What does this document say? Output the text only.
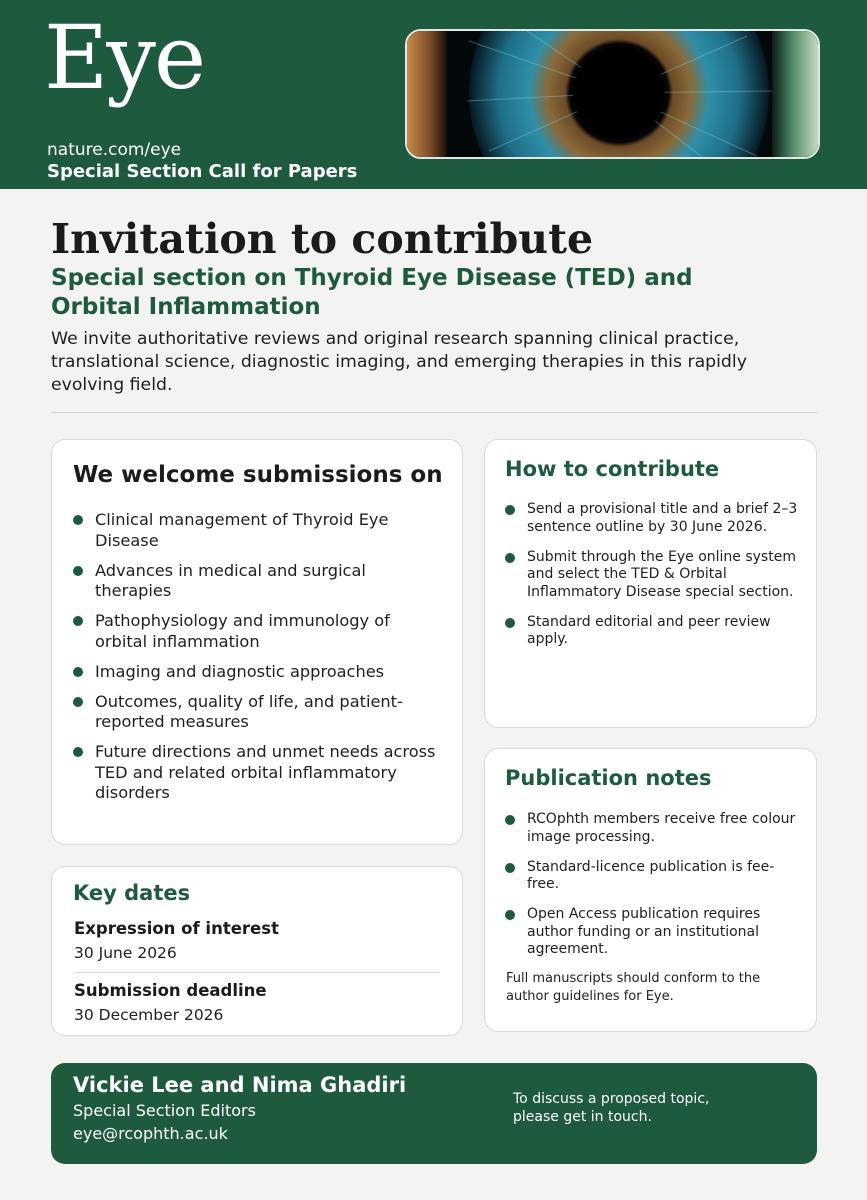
Eye
nature.com/eye
Special Section Call for Papers
Invitation to contribute
Special section on Thyroid Eye Disease (TED) and Orbital Inflammation
We invite authoritative reviews and original research spanning clinical practice, translational science, diagnostic imaging, and emerging therapies in this rapidly evolving field.
We welcome submissions on
Clinical management of Thyroid Eye Disease
Advances in medical and surgical therapies
Pathophysiology and immunology of orbital inflammation
Imaging and diagnostic approaches
Outcomes, quality of life, and patient-reported measures
Future directions and unmet needs across TED and related orbital inflammatory disorders
Key dates
Expression of interest
30 June 2026
Submission deadline
30 December 2026
How to contribute
Send a provisional title and a brief 2–3 sentence outline by 30 June 2026.
Submit through the Eye online system and select the TED & Orbital Inflammatory Disease special section.
Standard editorial and peer review apply.
Publication notes
RCOphth members receive free colour image processing.
Standard-licence publication is fee-free.
Open Access publication requires author funding or an institutional agreement.
Full manuscripts should conform to the author guidelines for Eye.
Vickie Lee and Nima Ghadiri
Special Section Editors
eye@rcophth.ac.uk
To discuss a proposed topic, please get in touch.
